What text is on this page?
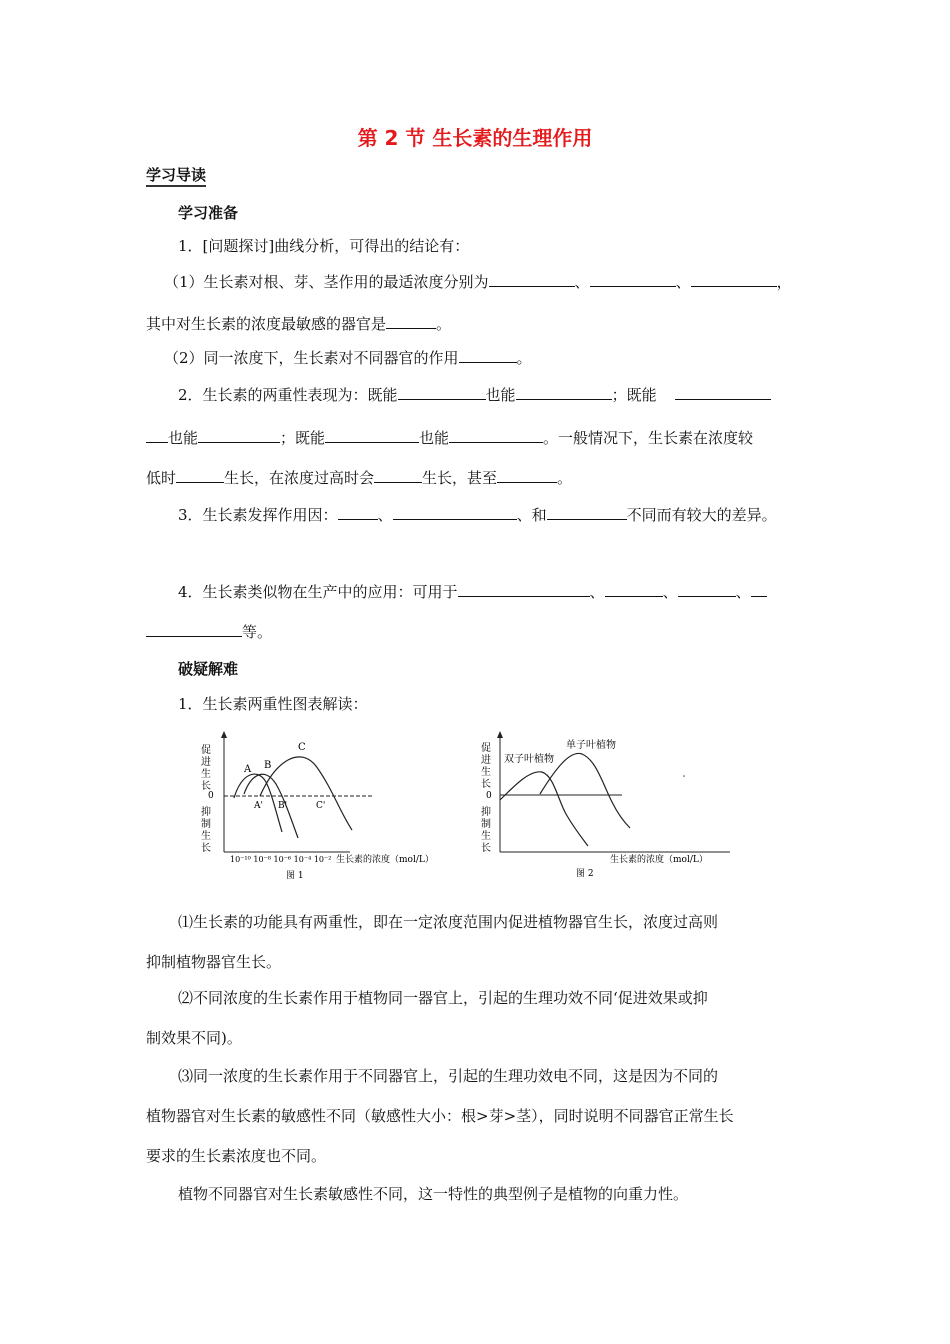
第 2 节 生长素的生理作用
学习导读
学习准备
1．[问题探讨]曲线分析，可得出的结论有：
（1）生长素对根、芽、茎作用的最适浓度分别为	、	、	，
其中对生长素的浓度最敏感的器官是	。
（2）同一浓度下，生长素对不同器官的作用	。
2．生长素的两重性表现为：既能	也能	；既能
也能	；既能	也能	。一般情况下，生长素在浓度较
低时	生长，在浓度过高时会	生长，甚至	。
3．生长素发挥作用因：	、	、和	不同而有较大的差异。
4．生长素类似物在生产中的应用：可用于	、	、	、
等。
破疑解难
1．生长素两重性图表解读：
促进生长
0
抑制生长
A B
C
A' B'	C'
10⁻¹⁰ 10⁻⁸ 10⁻⁶ 10⁻⁴ 10⁻² 生长素的浓度（mol/L）
图 1
促进生长
0
抑制生长
双子叶植物
单子叶植物
生长素的浓度（mol/L）
图 2
⑴生长素的功能具有两重性，即在一定浓度范围内促进植物器官生长，浓度过高则
抑制植物器官生长。
⑵不同浓度的生长素作用于植物同一器官上，引起的生理功效不同‘促进效果或抑
制效果不同)。
⑶同一浓度的生长素作用于不同器官上，引起的生理功效电不同，这是因为不同的
植物器官对生长素的敏感性不同（敏感性大小：根>芽>茎），同时说明不同器官正常生长
要求的生长素浓度也不同。
植物不同器官对生长素敏感性不同，这一特性的典型例子是植物的向重力性。
